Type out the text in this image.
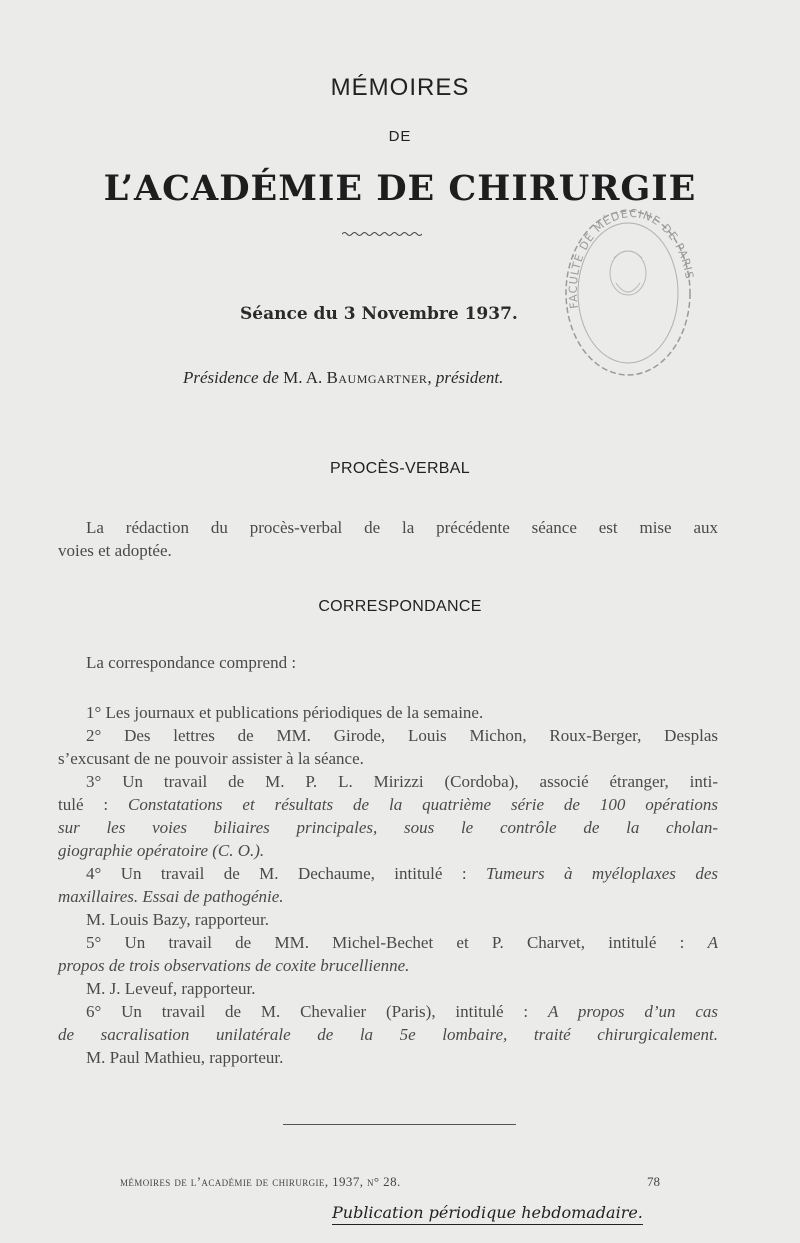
MÉMOIRES
DE
L’ACADÉMIE DE CHIRURGIE
FACULTÉ DE MÉDECINE DE PARIS
Séance du 3 Novembre 1937.
Présidence de M. A. Baumgartner, président.
PROCÈS-VERBAL
La rédaction du procès-verbal de la précédente séance est mise aux
voies et adoptée.
CORRESPONDANCE
La correspondance comprend :
1° Les journaux et publications périodiques de la semaine.
2° Des lettres de MM. Girode, Louis Michon, Roux-Berger, Desplas
s’excusant de ne pouvoir assister à la séance.
3° Un travail de M. P. L. Mirizzi (Cordoba), associé étranger, inti-
tulé : Constatations et résultats de la quatrième série de 100 opérations
sur les voies biliaires principales, sous le contrôle de la cholan-
giographie opératoire (C. O.).
4° Un travail de M. Dechaume, intitulé : Tumeurs à myéloplaxes des
maxillaires. Essai de pathogénie.
M. Louis Bazy, rapporteur.
5° Un travail de MM. Michel-Bechet et P. Charvet, intitulé : A
propos de trois observations de coxite brucellienne.
M. J. Leveuf, rapporteur.
6° Un travail de M. Chevalier (Paris), intitulé : A propos d’un cas
de sacralisation unilatérale de la 5e lombaire, traité chirurgicalement.
M. Paul Mathieu, rapporteur.
mémoires de l’académie de chirurgie, 1937, n° 28.	78
Publication périodique hebdomadaire.
